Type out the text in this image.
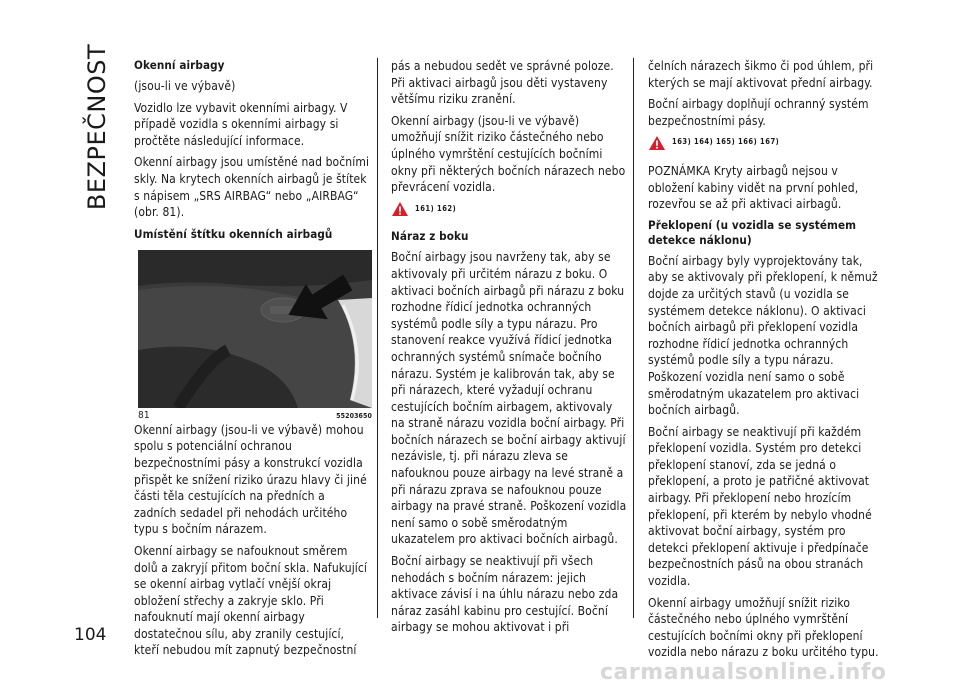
BEZPEČNOST
104
Okenní airbagy

(jsou-li ve výbavě)

Vozidlo lze vybavit okenními airbagy. V případě vozidla s okenními airbagy si pročtěte následující informace.

Okenní airbagy jsou umístěné nad bočními skly. Na krytech okenních airbagů je štítek s nápisem „SRS AIRBAG“ nebo „AIRBAG“ (obr. 81).

Umístění štítku okenních airbagů
81	55203650

Okenní airbagy (jsou-li ve výbavě) mohou spolu s potenciální ochranou bezpečnostními pásy a konstrukcí vozidla přispět ke snížení riziko úrazu hlavy či jiné části těla cestujících na předních a zadních sedadel při nehodách určitého typu s bočním nárazem.

Okenní airbagy se nafouknout směrem dolů a zakryjí přitom boční skla. Nafukující se okenní airbag vytlačí vnější okraj obložení střechy a zakryje sklo. Při nafouknutí mají okenní airbagy dostatečnou sílu, aby zranily cestující, kteří nebudou mít zapnutý bezpečnostní

pás a nebudou sedět ve správné poloze. Při aktivaci airbagů jsou děti vystaveny většímu riziku zranění.

Okenní airbagy (jsou-li ve výbavě) umožňují snížit riziko částečného nebo úplného vymrštění cestujících bočními okny při některých bočních nárazech nebo převrácení vozidla.

161) 162)
Náraz z boku

Boční airbagy jsou navrženy tak, aby se aktivovaly při určitém nárazu z boku. O aktivaci bočních airbagů při nárazu z boku rozhodne řídicí jednotka ochranných systémů podle síly a typu nárazu. Pro stanovení reakce využívá řídicí jednotka ochranných systémů snímače bočního nárazu. Systém je kalibrován tak, aby se při nárazech, které vyžadují ochranu cestujících bočním airbagem, aktivovaly na straně nárazu vozidla boční airbagy. Při bočních nárazech se boční airbagy aktivují nezávisle, tj. při nárazu zleva se nafouknou pouze airbagy na levé straně a při nárazu zprava se nafouknou pouze airbagy na pravé straně. Poškození vozidla není samo o sobě směrodatným ukazatelem pro aktivaci bočních airbagů.

Boční airbagy se neaktivují při všech nehodách s bočním nárazem: jejich aktivace závisí i na úhlu nárazu nebo zda náraz zasáhl kabinu pro cestující. Boční airbagy se mohou aktivovat i při

čelních nárazech šikmo či pod úhlem, při kterých se mají aktivovat přední airbagy.

Boční airbagy doplňují ochranný systém bezpečnostními pásy.

163) 164) 165) 166) 167)

POZNÁMKA Kryty airbagů nejsou v obložení kabiny vidět na první pohled, rozevřou se až při aktivaci airbagů.

Překlopení (u vozidla se systémem detekce náklonu)

Boční airbagy byly vyprojektovány tak, aby se aktivovaly při překlopení, k němuž dojde za určitých stavů (u vozidla se systémem detekce náklonu). O aktivaci bočních airbagů při překlopení vozidla rozhodne řídicí jednotka ochranných systémů podle síly a typu nárazu. Poškození vozidla není samo o sobě směrodatným ukazatelem pro aktivaci bočních airbagů.

Boční airbagy se neaktivují při každém překlopení vozidla. Systém pro detekci překlopení stanoví, zda se jedná o překlopení, a proto je patřičné aktivovat airbagy. Při překlopení nebo hrozícím překlopení, při kterém by nebylo vhodné aktivovat boční airbagy, systém pro detekci překlopení aktivuje i předpínače bezpečnostních pásů na obou stranách vozidla.

Okenní airbagy umožňují snížit riziko částečného nebo úplného vymrštění cestujících bočními okny při překlopení vozidla nebo nárazu z boku určitého typu.

carmanualsonline.info
